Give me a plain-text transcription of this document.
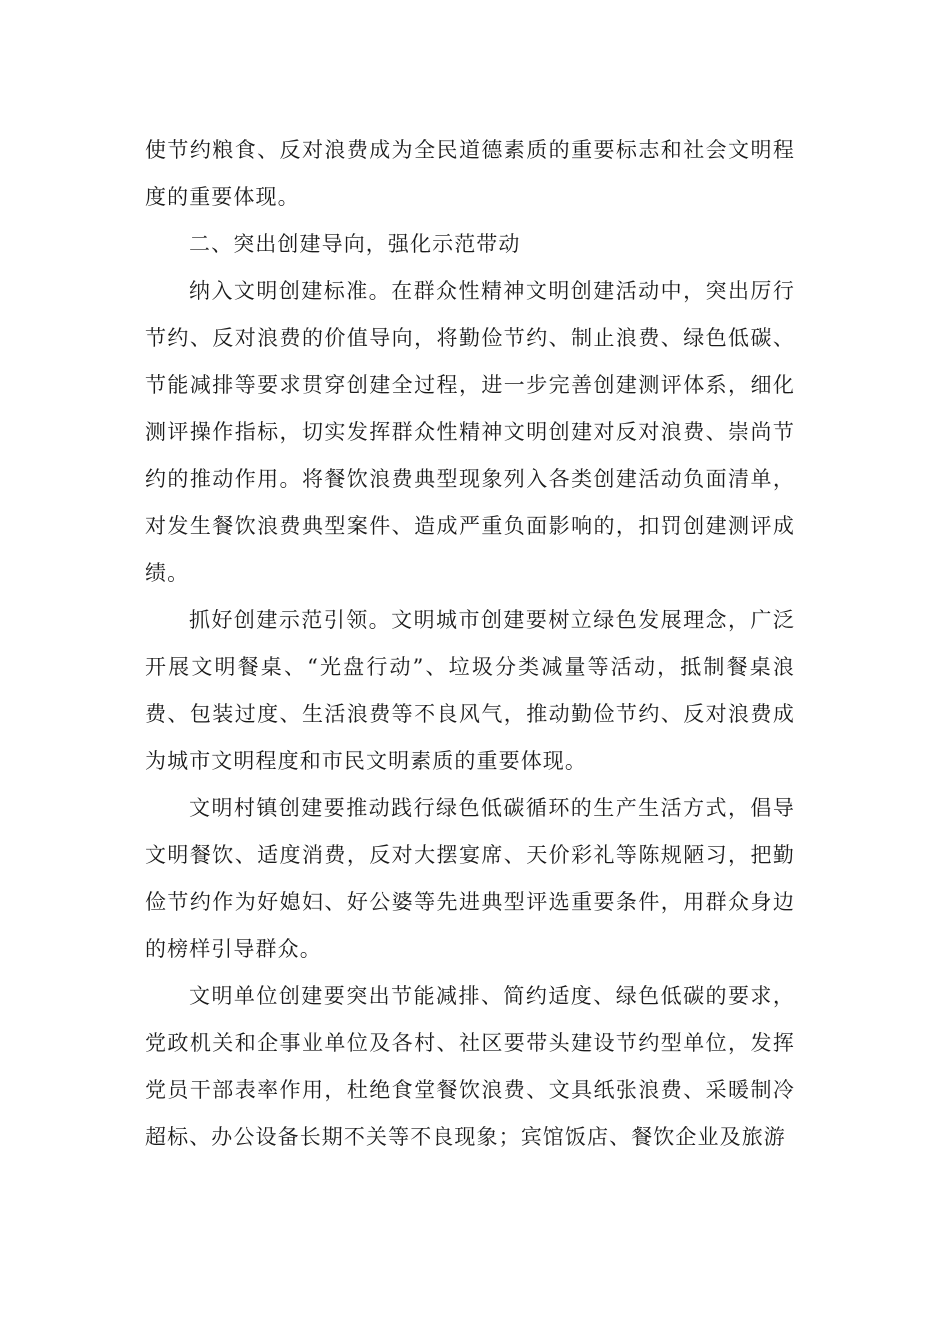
使节约粮食、反对浪费成为全民道德素质的重要标志和社会文明程度的重要体现。

二、突出创建导向，强化示范带动

纳入文明创建标准。在群众性精神文明创建活动中，突出厉行节约、反对浪费的价值导向，将勤俭节约、制止浪费、绿色低碳、节能减排等要求贯穿创建全过程，进一步完善创建测评体系，细化测评操作指标，切实发挥群众性精神文明创建对反对浪费、崇尚节约的推动作用。将餐饮浪费典型现象列入各类创建活动负面清单，对发生餐饮浪费典型案件、造成严重负面影响的，扣罚创建测评成绩。

抓好创建示范引领。文明城市创建要树立绿色发展理念，广泛开展文明餐桌、“光盘行动”、垃圾分类减量等活动，抵制餐桌浪费、包装过度、生活浪费等不良风气，推动勤俭节约、反对浪费成为城市文明程度和市民文明素质的重要体现。

文明村镇创建要推动践行绿色低碳循环的生产生活方式，倡导文明餐饮、适度消费，反对大摆宴席、天价彩礼等陈规陋习，把勤俭节约作为好媳妇、好公婆等先进典型评选重要条件，用群众身边的榜样引导群众。

文明单位创建要突出节能减排、简约适度、绿色低碳的要求，党政机关和企事业单位及各村、社区要带头建设节约型单位，发挥党员干部表率作用，杜绝食堂餐饮浪费、文具纸张浪费、采暖制冷超标、办公设备长期不关等不良现象；宾馆饭店、餐饮企业及旅游
